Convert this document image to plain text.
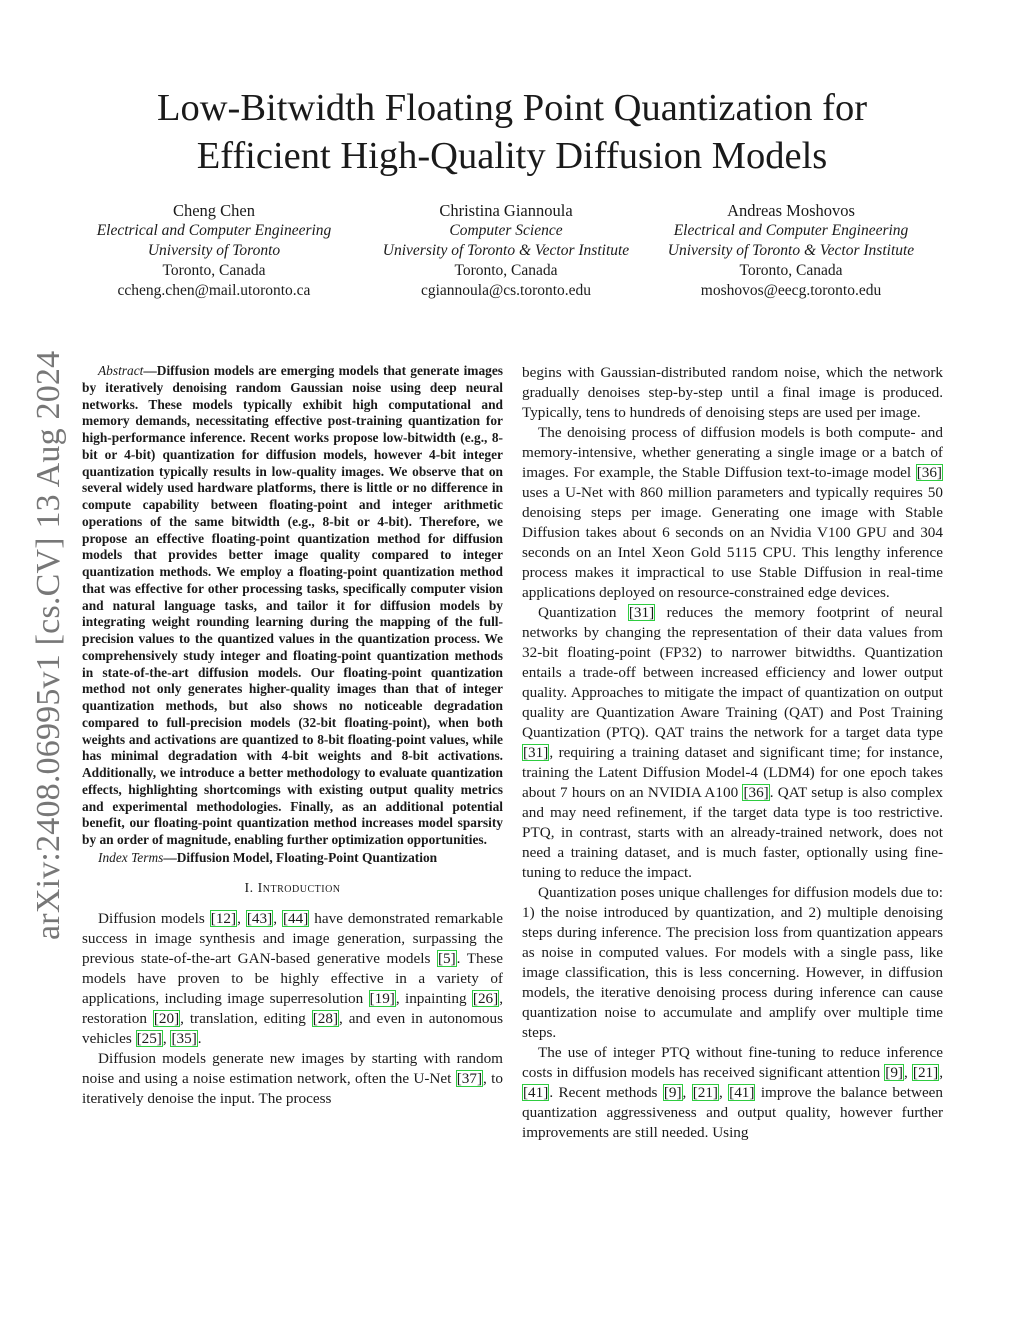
Low-Bitwidth Floating Point Quantization for
Efficient High-Quality Diffusion Models
Cheng Chen
Electrical and Computer Engineering
University of Toronto
Toronto, Canada
ccheng.chen@mail.utoronto.ca
Christina Giannoula
Computer Science
University of Toronto & Vector Institute
Toronto, Canada
cgiannoula@cs.toronto.edu
Andreas Moshovos
Electrical and Computer Engineering
University of Toronto & Vector Institute
Toronto, Canada
moshovos@eecg.toronto.edu
arXiv:2408.06995v1 [cs.CV] 13 Aug 2024	Abstract—Diffusion models are emerging models that generate images by iteratively denoising random Gaussian noise using deep neural networks. These models typically exhibit high computational and memory demands, necessitating effective post-training quantization for high-performance inference. Recent works propose low-bitwidth (e.g., 8-bit or 4-bit) quantization for diffusion models, however 4-bit integer quantization typically results in low-quality images. We observe that on several widely used hardware platforms, there is little or no difference in compute capability between floating-point and integer arithmetic operations of the same bitwidth (e.g., 8-bit or 4-bit). Therefore, we propose an effective floating-point quantization method for diffusion models that provides better image quality compared to integer quantization methods. We employ a floating-point quantization method that was effective for other processing tasks, specifically computer vision and natural language tasks, and tailor it for diffusion models by integrating weight rounding learning during the mapping of the full-precision values to the quantized values in the quantization process. We comprehensively study integer and floating-point quantization methods in state-of-the-art diffusion models. Our floating-point quantization method not only generates higher-quality images than that of integer quantization methods, but also shows no noticeable degradation compared to full-precision models (32-bit floating-point), when both weights and activations are quantized to 8-bit floating-point values, while has minimal degradation with 4-bit weights and 8-bit activations. Additionally, we introduce a better methodology to evaluate quantization effects, highlighting shortcomings with existing output quality metrics and experimental methodologies. Finally, as an additional potential benefit, our floating-point quantization method increases model sparsity by an order of magnitude, enabling further optimization opportunities.

Index Terms—Diffusion Model, Floating-Point Quantization

I. Introduction

Diffusion models [12], [43], [44] have demonstrated remarkable success in image synthesis and image generation, surpassing the previous state-of-the-art GAN-based generative models [5]. These models have proven to be highly effective in a variety of applications, including image superresolution [19], inpainting [26], restoration [20], translation, editing [28], and even in autonomous vehicles [25], [35].

Diffusion models generate new images by starting with random noise and using a noise estimation network, often the U-Net [37], to iteratively denoise the input. The process

begins with Gaussian-distributed random noise, which the network gradually denoises step-by-step until a final image is produced. Typically, tens to hundreds of denoising steps are used per image.

The denoising process of diffusion models is both compute- and memory-intensive, whether generating a single image or a batch of images. For example, the Stable Diffusion text-to-image model [36] uses a U-Net with 860 million parameters and typically requires 50 denoising steps per image. Generating one image with Stable Diffusion takes about 6 seconds on an Nvidia V100 GPU and 304 seconds on an Intel Xeon Gold 5115 CPU. This lengthy inference process makes it impractical to use Stable Diffusion in real-time applications deployed on resource-constrained edge devices.

Quantization [31] reduces the memory footprint of neural networks by changing the representation of their data values from 32-bit floating-point (FP32) to narrower bitwidths. Quantization entails a trade-off between increased efficiency and lower output quality. Approaches to mitigate the impact of quantization on output quality are Quantization Aware Training (QAT) and Post Training Quantization (PTQ). QAT trains the network for a target data type [31], requiring a training dataset and significant time; for instance, training the Latent Diffusion Model-4 (LDM4) for one epoch takes about 7 hours on an NVIDIA A100 [36]. QAT setup is also complex and may need refinement, if the target data type is too restrictive. PTQ, in contrast, starts with an already-trained network, does not need a training dataset, and is much faster, optionally using fine-tuning to reduce the impact.

Quantization poses unique challenges for diffusion models due to: 1) the noise introduced by quantization, and 2) multiple denoising steps during inference. The precision loss from quantization appears as noise in computed values. For models with a single pass, like image classification, this is less concerning. However, in diffusion models, the iterative denoising process during inference can cause quantization noise to accumulate and amplify over multiple time steps.

The use of integer PTQ without fine-tuning to reduce inference costs in diffusion models has received significant attention [9], [21], [41]. Recent methods [9], [21], [41] improve the balance between quantization aggressiveness and output quality, however further improvements are still needed. Using
